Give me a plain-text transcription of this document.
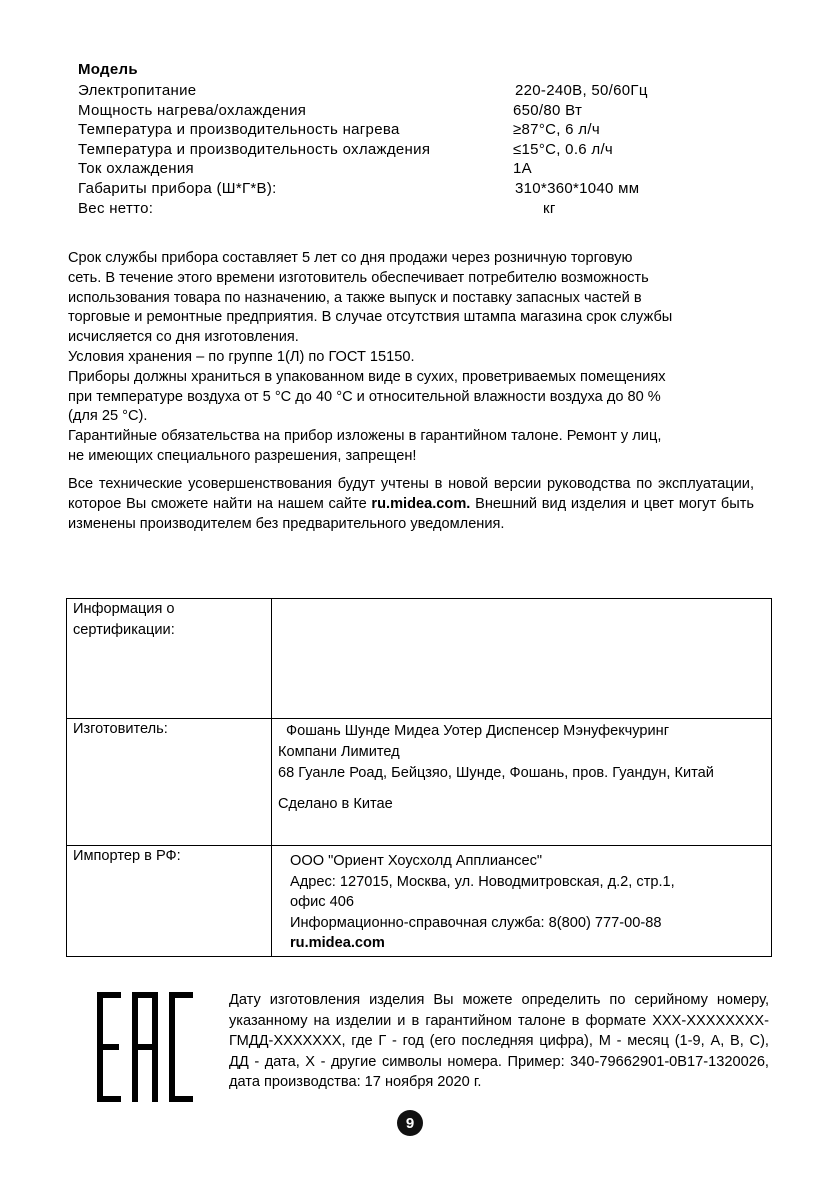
Модель
Электропитание	220-240В, 50/60Гц
Мощность нагрева/охлаждения	650/80 Вт
Температура и производительность нагрева	≥87°C, 6 л/ч
Температура и производительность охлаждения	≤15°C, 0.6 л/ч
Ток охлаждения	1А
Габариты прибора (Ш*Г*В):	310*360*1040 мм
Вес нетто:	кг

Срок службы прибора составляет 5 лет со дня продажи через розничную торговую

сеть. В течение этого времени изготовитель обеспечивает потребителю возможность

использования товара по назначению, а также выпуск и поставку запасных частей в

торговые и ремонтные предприятия. В случае отсутствия штампа магазина срок службы

исчисляется со дня изготовления.

Условия хранения – по группе 1(Л) по ГОСТ 15150.

Приборы должны храниться в упакованном виде в сухих, проветриваемых помещениях

при температуре воздуха от 5 °С до 40 °С и относительной влажности воздуха до 80 %

(для 25 °С).

Гарантийные обязательства на прибор изложены в гарантийном талоне. Ремонт у лиц,

не имеющих специального разрешения, запрещен!

Все технические усовершенствования будут учтены в новой версии руководства по эксплуатации, которое Вы сможете найти на нашем сайте ru.midea.com. Внешний вид изделия и цвет могут быть изменены производителем без предварительного уведомления.
Информация о
сертификации:	

Изготовитель:	Фошань Шунде Мидеа Уотер Диспенсер Мэнуфекчуринг
Компани Лимитед
68 Гуанле Роад, Бейцзяо, Шунде, Фошань, пров. Гуандун, Китай
Сделано в Китае

Импортер в РФ:	ООО "Ориент Хоусхолд Апплиансес"
Адрес: 127015, Москва, ул. Новодмитровская, д.2, стр.1,
офис 406
Информационно-справочная служба: 8(800) 777-00-88
ru.midea.com
Дату изготовления изделия Вы можете определить по серийному номеру, указанному на изделии и в гарантийном талоне в формате ХХХ-ХХХХХХХХ-ГМДД-ХХХХХХХ, где Г - год (его последняя цифра), М - месяц (1-9, А, В, С), ДД - дата, Х - другие символы номера. Пример: 340-79662901-0В17-1320026, дата производства: 17 ноября 2020 г.
9
